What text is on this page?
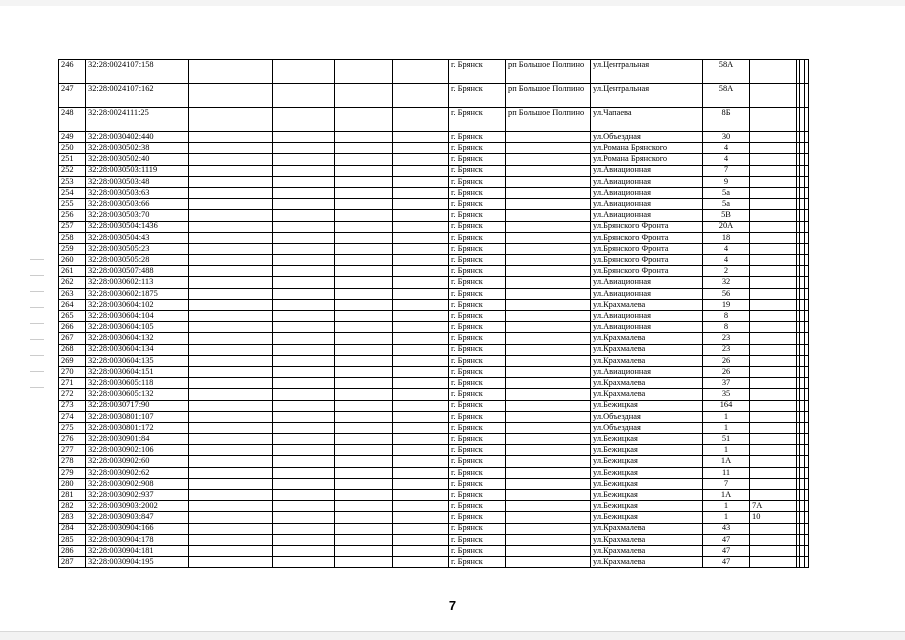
246	32:28:0024107:158					г. Брянск	рп Большое Полпино	ул.Центральная	58А				
247	32:28:0024107:162					г. Брянск	рп Большое Полпино	ул.Центральная	58А				
248	32:28:0024111:25					г. Брянск	рп Большое Полпино	ул.Чапаева	8Б				
249	32:28:0030402:440					г. Брянск		ул.Объездная	30				
250	32:28:0030502:38					г. Брянск		ул.Романа Брянского	4				
251	32:28:0030502:40					г. Брянск		ул.Романа Брянского	4				
252	32:28:0030503:1119					г. Брянск		ул.Авиационная	7				
253	32:28:0030503:48					г. Брянск		ул.Авиационная	9				
254	32:28:0030503:63					г. Брянск		ул.Авиационная	5а				
255	32:28:0030503:66					г. Брянск		ул.Авиационная	5а				
256	32:28:0030503:70					г. Брянск		ул.Авиационная	5В				
257	32:28:0030504:1436					г. Брянск		ул.Брянского Фронта	20А				
258	32:28:0030504:43					г. Брянск		ул.Брянского Фронта	18				
259	32:28:0030505:23					г. Брянск		ул.Брянского Фронта	4				
260	32:28:0030505:28					г. Брянск		ул.Брянского Фронта	4				
261	32:28:0030507:488					г. Брянск		ул.Брянского Фронта	2				
262	32:28:0030602:113					г. Брянск		ул.Авиационная	32				
263	32:28:0030602:1875					г. Брянск		ул.Авиационная	56				
264	32:28:0030604:102					г. Брянск		ул.Крахмалева	19				
265	32:28:0030604:104					г. Брянск		ул.Авиационная	8				
266	32:28:0030604:105					г. Брянск		ул.Авиационная	8				
267	32:28:0030604:132					г. Брянск		ул.Крахмалева	23				
268	32:28:0030604:134					г. Брянск		ул.Крахмалева	23				
269	32:28:0030604:135					г. Брянск		ул.Крахмалева	26				
270	32:28:0030604:151					г. Брянск		ул.Авиационная	26				
271	32:28:0030605:118					г. Брянск		ул.Крахмалева	37				
272	32:28:0030605:132					г. Брянск		ул.Крахмалева	35				
273	32:28:0030717:90					г. Брянск		ул.Бежицкая	164				
274	32:28:0030801:107					г. Брянск		ул.Объездная	1				
275	32:28:0030801:172					г. Брянск		ул.Объездная	1				
276	32:28:0030901:84					г. Брянск		ул.Бежицкая	51				
277	32:28:0030902:106					г. Брянск		ул.Бежицкая	1				
278	32:28:0030902:60					г. Брянск		ул.Бежицкая	1А				
279	32:28:0030902:62					г. Брянск		ул.Бежицкая	11				
280	32:28:0030902:908					г. Брянск		ул.Бежицкая	7				
281	32:28:0030902:937					г. Брянск		ул.Бежицкая	1А				
282	32:28:0030903:2002					г. Брянск		ул.Бежицкая	1	7А			
283	32:28:0030903:847					г. Брянск		ул.Бежицкая	1	10			
284	32:28:0030904:166					г. Брянск		ул.Крахмалева	43				
285	32:28:0030904:178					г. Брянск		ул.Крахмалева	47				
286	32:28:0030904:181					г. Брянск		ул.Крахмалева	47				
287	32:28:0030904:195					г. Брянск		ул.Крахмалева	47				
7
